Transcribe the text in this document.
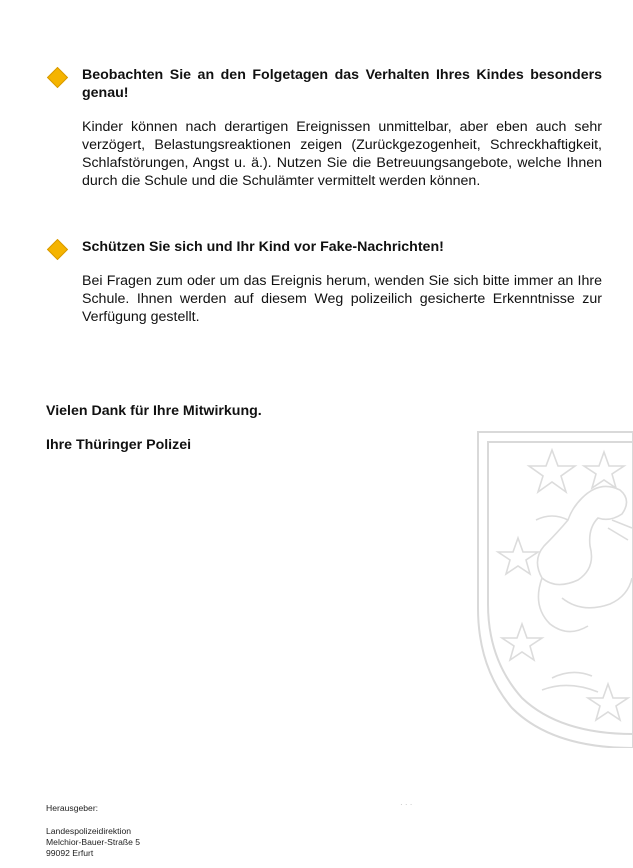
Beobachten Sie an den Folgetagen das Verhalten Ihres Kindes besonders genau!
Kinder können nach derartigen Ereignissen unmittelbar, aber eben auch sehr verzögert, Belastungsreaktionen zeigen (Zurückgezogenheit, Schreckhaftigkeit, Schlafstörungen, Angst u. ä.). Nutzen Sie die Betreuungsangebote, welche Ihnen durch die Schule und die Schulämter vermittelt werden können.
Schützen Sie sich und Ihr Kind vor Fake-Nachrichten!
Bei Fragen zum oder um das Ereignis herum, wenden Sie sich bitte immer an Ihre Schule. Ihnen werden auf diesem Weg polizeilich gesicherte Erkenntnisse zur Verfügung gestellt.
Vielen Dank für Ihre Mitwirkung.
Ihre Thüringer Polizei
· · ·
Herausgeber:
Landespolizeidirektion
Melchior-Bauer-Straße 5
99092 Erfurt
